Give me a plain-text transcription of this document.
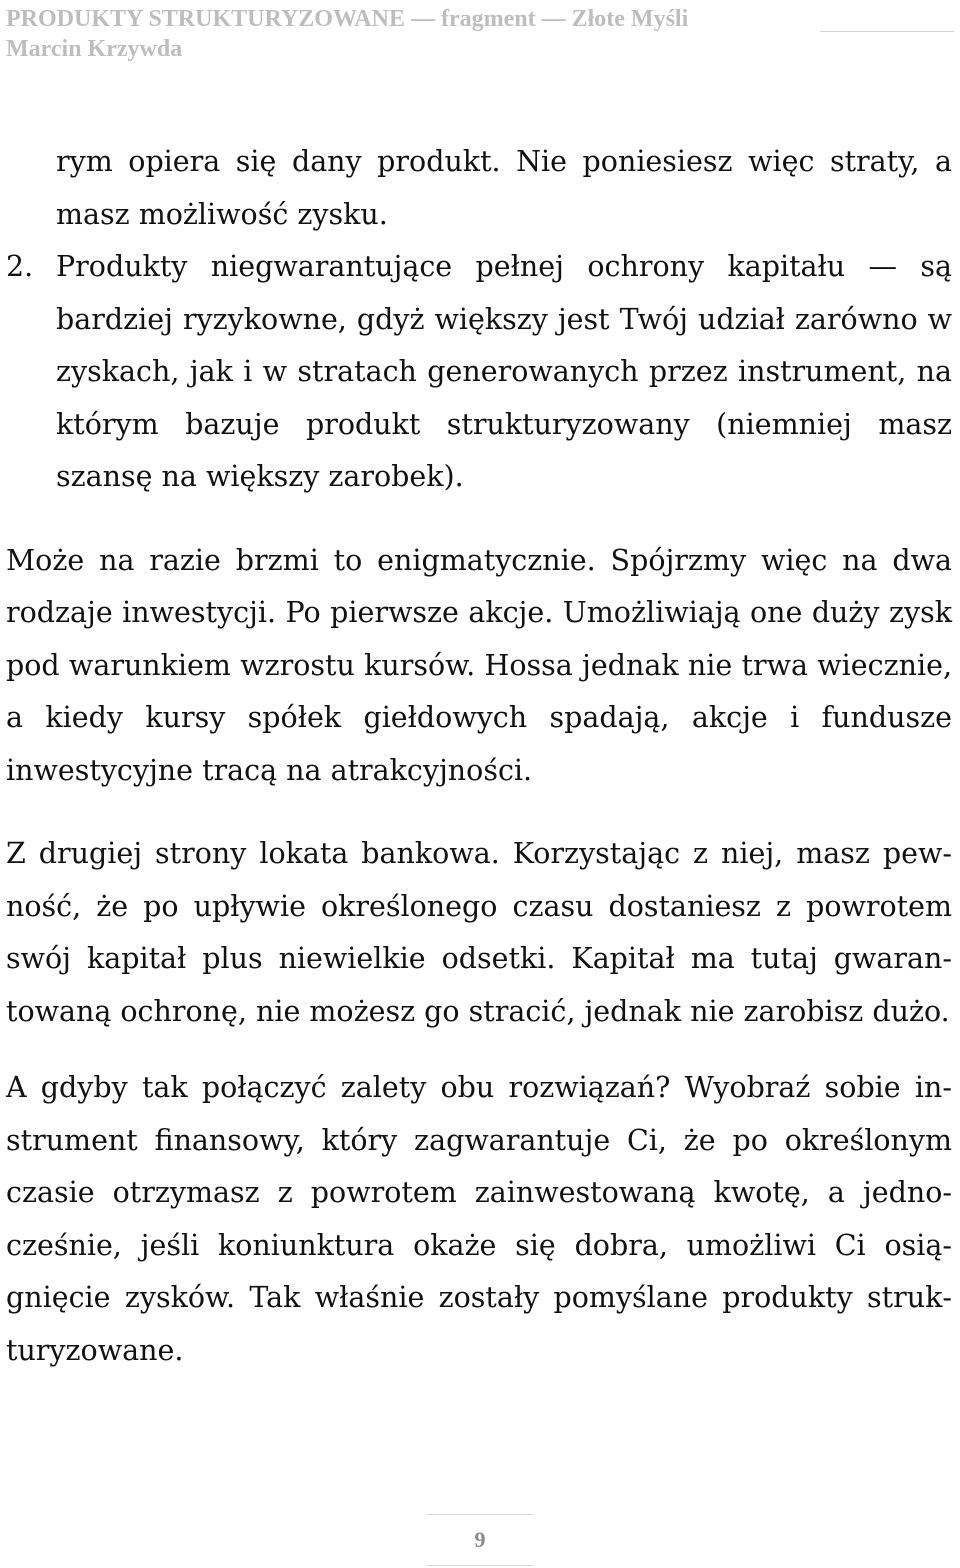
PRODUKTY STRUKTURYZOWANE — fragment — Złote Myśli
Marcin Krzywda

rym opiera się dany produkt. Nie poniesiesz więc straty, a masz możliwość zysku.

2. Produkty niegwarantujące pełnej ochrony kapitału — są bardziej ryzykowne, gdyż większy jest Twój udział zarówno w zyskach, jak i w stratach generowanych przez instrument, na którym bazuje produkt strukturyzowany (niemniej masz szansę na większy zarobek).

Może na razie brzmi to enigmatycznie. Spójrzmy więc na dwa rodzaje inwestycji. Po pierwsze akcje. Umożliwiają one duży zysk pod warunkiem wzrostu kursów. Hossa jednak nie trwa wiecznie, a kiedy kursy spółek giełdowych spadają, akcje i fundusze inwestycyjne tracą na atrakcyjności.

Z drugiej strony lokata bankowa. Korzystając z niej, masz pewność, że po upływie określonego czasu dostaniesz z powrotem swój kapitał plus niewielkie odsetki. Kapitał ma tutaj gwarantowaną ochronę, nie możesz go stracić, jednak nie zarobisz dużo.

A gdyby tak połączyć zalety obu rozwiązań? Wyobraź sobie instrument finansowy, który zagwarantuje Ci, że po określonym czasie otrzymasz z powrotem zainwestowaną kwotę, a jednocześnie, jeśli koniunktura okaże się dobra, umożliwi Ci osiągnięcie zysków. Tak właśnie zostały pomyślane produkty strukturyzowane.

9
